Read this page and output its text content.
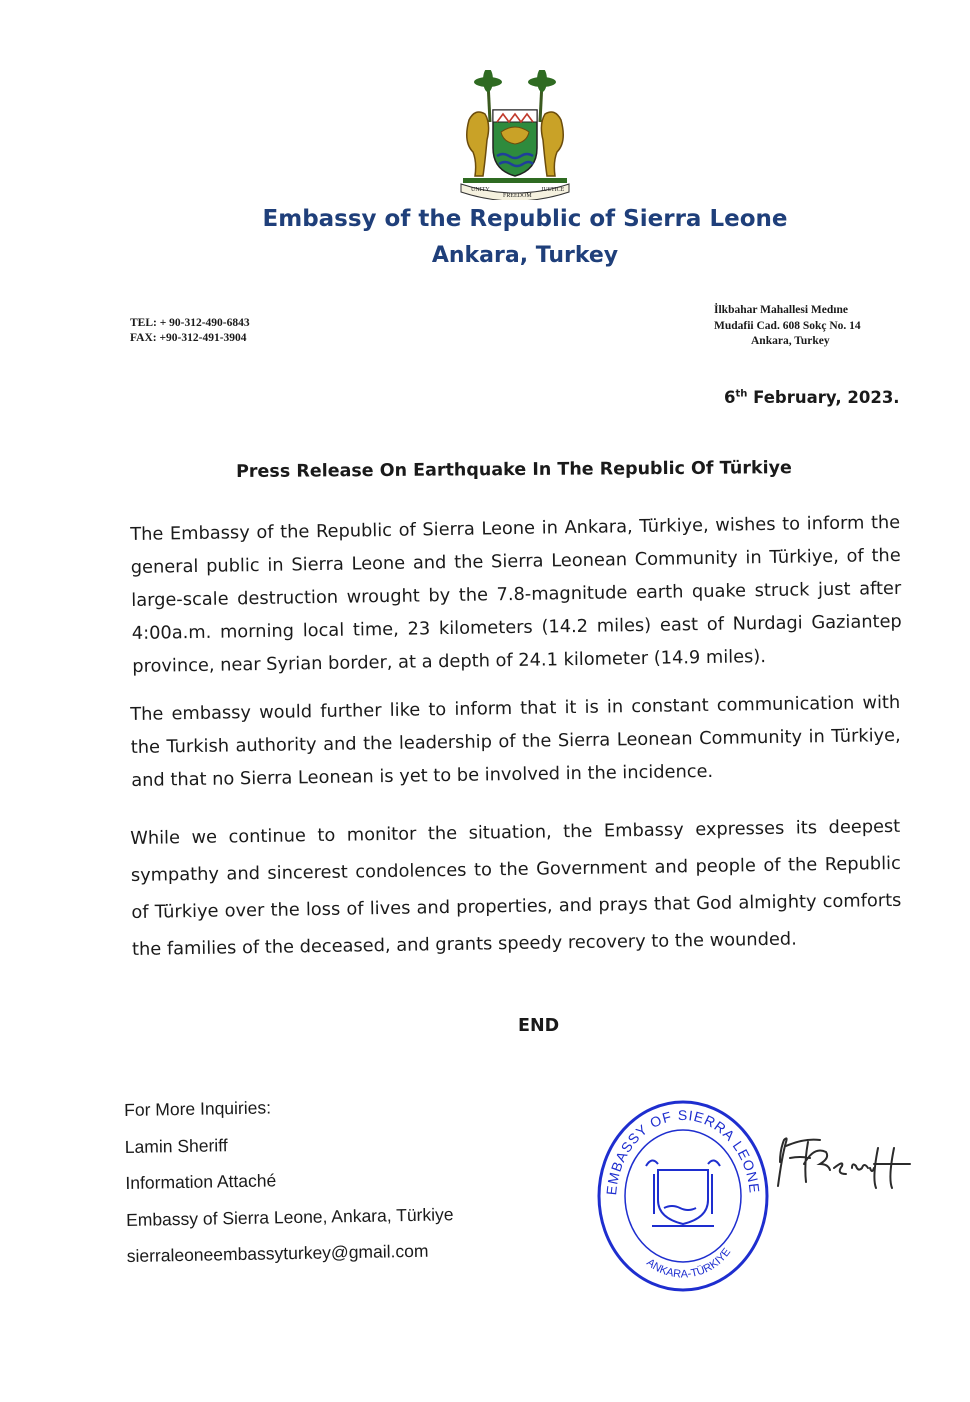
UNITY
FREEDOM
JUSTICE
Embassy of the Republic of Sierra Leone
Ankara, Turkey
TEL: + 90-312-490-6843
FAX: +90-312-491-3904
İlkbahar Mahallesi Medıne
Mudafii Cad. 608 Sokç No. 14
Ankara, Turkey
6th February, 2023.
Press Release On Earthquake In The Republic Of Türkiye
The Embassy of the Republic of Sierra Leone in Ankara, Türkiye, wishes to inform the general public in Sierra Leone and the Sierra Leonean Community in Türkiye, of the large-scale destruction wrought by the 7.8-magnitude earth quake struck just after 4:00a.m. morning local time, 23 kilometers (14.2 miles) east of Nurdagi Gaziantep province, near Syrian border, at a depth of 24.1 kilometer (14.9 miles).
The embassy would further like to inform that it is in constant communication with the Turkish authority and the leadership of the Sierra Leonean Community in Türkiye, and that no Sierra Leonean is yet to be involved in the incidence.
While we continue to monitor the situation, the Embassy expresses its deepest sympathy and sincerest condolences to the Government and people of the Republic of Türkiye over the loss of lives and properties, and prays that God almighty comforts the families of the deceased, and grants speedy recovery to the wounded.
END
For More Inquiries:
Lamin Sheriff
Information Attaché
Embassy of Sierra Leone, Ankara, Türkiye
sierraleoneembassyturkey@gmail.com
EMBASSY OF SIERRA LEONE
ANKARA-TÜRKIYE
